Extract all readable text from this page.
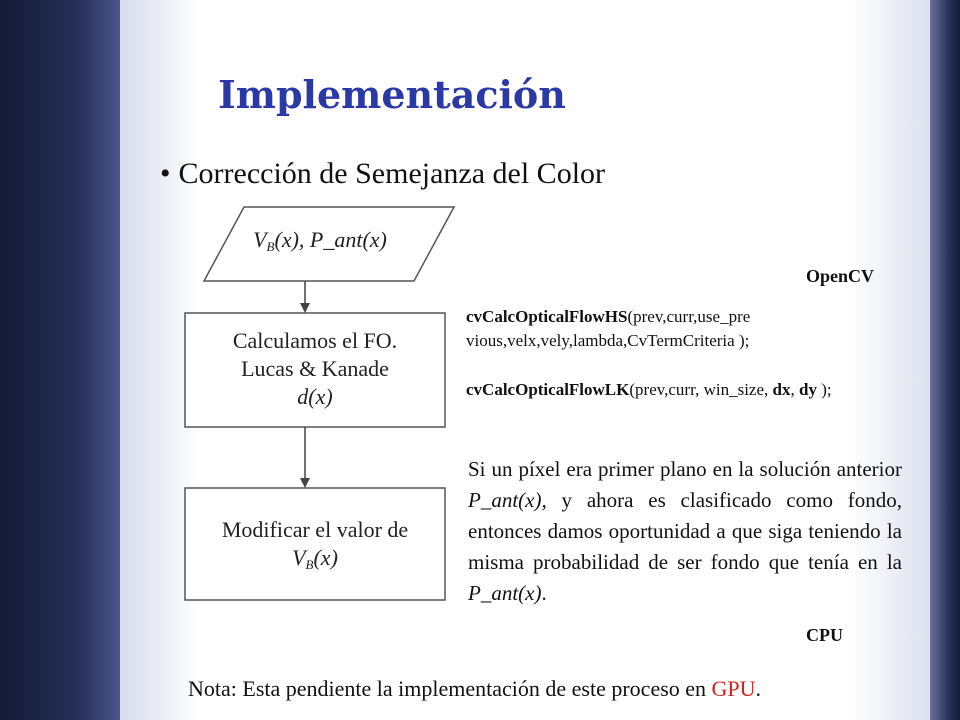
Implementación
• Corrección de Semejanza del Color
$V_B(x)$, P_ant(x)
Calculamos el FO.
Lucas & Kanade
d(x)
Modificar el valor de
$V_B(x)$
OpenCV
cvCalcOpticalFlowHS(prev,curr,use_pre vious,velx,vely,lambda,CvTermCriteria );
cvCalcOpticalFlowLK(prev,curr, win_size, dx, dy );
Si un píxel era primer plano en la solución anterior P_ant(x), y ahora es clasificado como fondo, entonces damos oportunidad a que siga teniendo la misma probabilidad de ser fondo que tenía en la P_ant(x).
CPU
Nota: Esta pendiente la implementación de este proceso en GPU.
